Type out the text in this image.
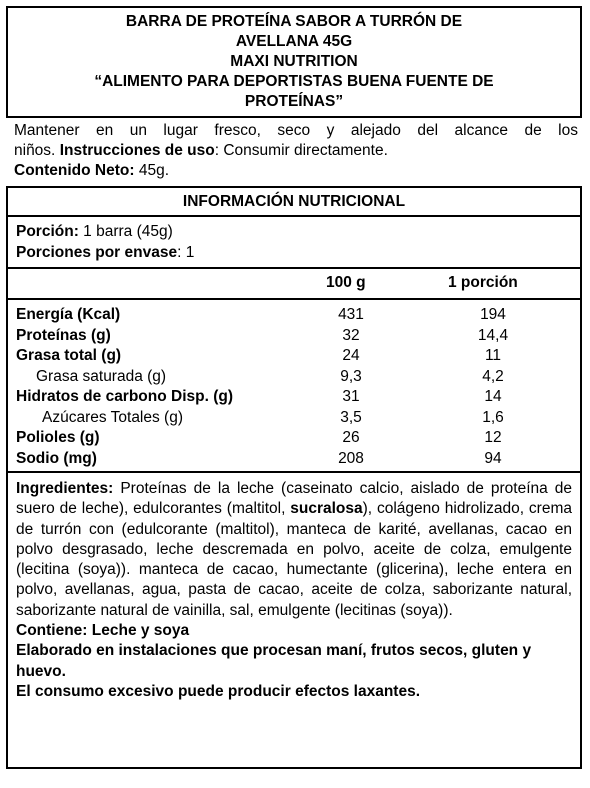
BARRA DE PROTEÍNA SABOR A TURRÓN DE
AVELLANA 45G
MAXI NUTRITION
“ALIMENTO PARA DEPORTISTAS BUENA FUENTE DE
PROTEÍNAS”

Mantener en un lugar fresco, seco y alejado del alcance de los

niños. Instrucciones de uso: Consumir directamente.

Contenido Neto: 45g.

INFORMACIÓN NUTRICIONAL
Porción: 1 barra (45g)
Porciones por envase: 1
100 g	1 porción
Energía (Kcal)	431	194
Proteínas (g)	32	14,4
Grasa total (g)	24	11
Grasa saturada (g)	9,3	4,2
Hidratos de carbono Disp. (g)	31	14
Azúcares Totales (g)	3,5	1,6
Polioles (g)	26	12
Sodio (mg)	208	94

Ingredientes: Proteínas de la leche (caseinato calcio, aislado de proteína de suero de leche), edulcorantes (maltitol, sucralosa), colágeno hidrolizado, crema de turrón con (edulcorante (maltitol), manteca de karité, avellanas, cacao en polvo desgrasado, leche descremada en polvo, aceite de colza, emulgente (lecitina (soya)). manteca de cacao, humectante (glicerina), leche entera en polvo, avellanas, agua, pasta de cacao, aceite de colza, saborizante natural, saborizante natural de vainilla, sal, emulgente (lecitinas (soya)).

Contiene: Leche y soya

Elaborado en instalaciones que procesan maní, frutos secos, gluten y huevo.

El consumo excesivo puede producir efectos laxantes.
